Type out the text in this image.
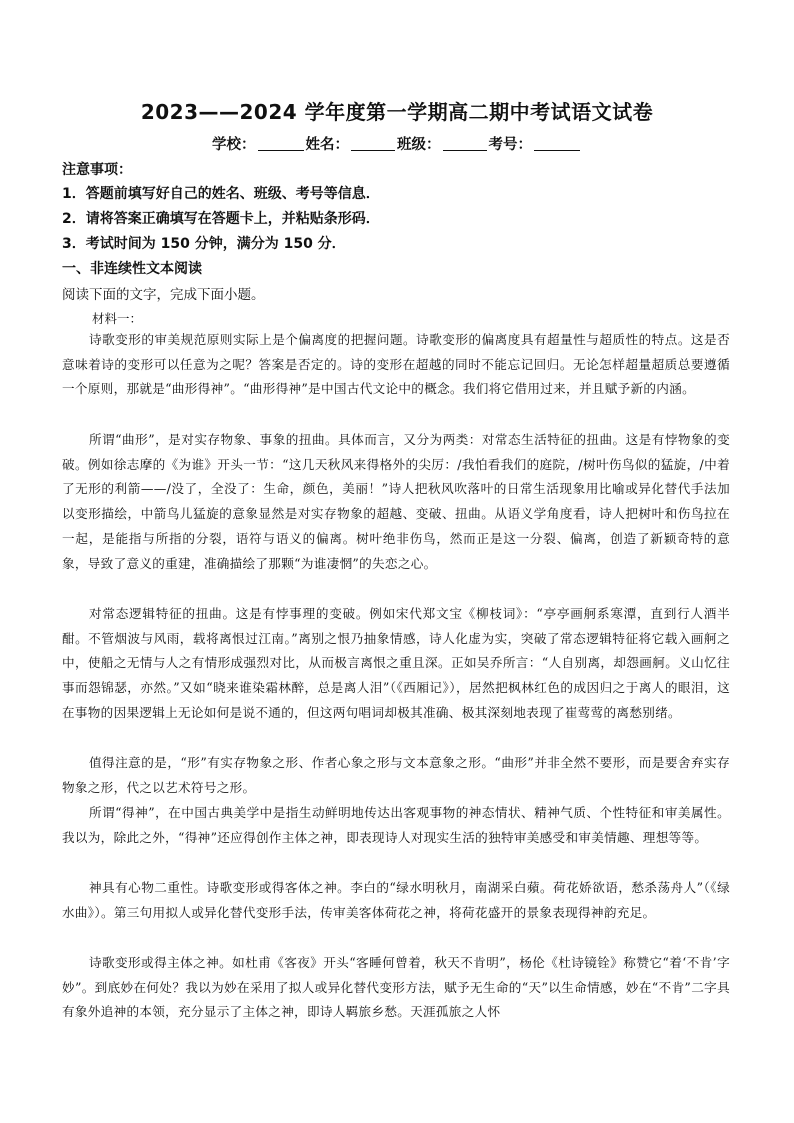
2023——2024 学年度第一学期高二期中考试语文试卷
学校：	姓名：	班级：	考号：
注意事项：
1．答题前填写好自己的姓名、班级、考号等信息．
2．请将答案正确填写在答题卡上，并粘贴条形码．
3．考试时间为 150 分钟，满分为 150 分．
一、非连续性文本阅读
阅读下面的文字，完成下面小题。
材料一：
诗歌变形的审美规范原则实际上是个偏离度的把握问题。诗歌变形的偏离度具有超量性与超质性的特点。这是否意味着诗的变形可以任意为之呢？答案是否定的。诗的变形在超越的同时不能忘记回归。无论怎样超量超质总要遵循一个原则，那就是“曲形得神”。“曲形得神”是中国古代文论中的概念。我们将它借用过来，并且赋予新的内涵。
所谓“曲形”，是对实存物象、事象的扭曲。具体而言，又分为两类：对常态生活特征的扭曲。这是有悖物象的变破。例如徐志摩的《为谁》开头一节：“这几天秋风来得格外的尖厉：/我怕看我们的庭院，/树叶伤鸟似的猛旋，/中着了无形的利箭——/没了，全没了：生命，颜色，美丽！”诗人把秋风吹落叶的日常生活现象用比喻或异化替代手法加以变形描绘，中箭鸟儿猛旋的意象显然是对实存物象的超越、变破、扭曲。从语义学角度看，诗人把树叶和伤鸟拉在一起，是能指与所指的分裂，语符与语义的偏离。树叶绝非伤鸟，然而正是这一分裂、偏离，创造了新颖奇特的意象，导致了意义的重建，准确描绘了那颗“为谁凄惘”的失恋之心。
对常态逻辑特征的扭曲。这是有悖事理的变破。例如宋代郑文宝《柳枝词》：“亭亭画舸系寒潭，直到行人酒半酣。不管烟波与风雨，载将离恨过江南。”离别之恨乃抽象情感，诗人化虚为实，突破了常态逻辑特征将它载入画舸之中，使船之无情与人之有情形成强烈对比，从而极言离恨之重且深。正如吴乔所言：“人自别离，却怨画舸。义山忆往事而怨锦瑟，亦然。”又如“晓来谁染霜林醉，总是离人泪”（《西厢记》），居然把枫林红色的成因归之于离人的眼泪，这在事物的因果逻辑上无论如何是说不通的，但这两句唱词却极其准确、极其深刻地表现了崔莺莺的离愁别绪。
值得注意的是，“形”有实存物象之形、作者心象之形与文本意象之形。“曲形”并非全然不要形，而是要舍弃实存物象之形，代之以艺术符号之形。
所谓“得神”，在中国古典美学中是指生动鲜明地传达出客观事物的神态情状、精神气质、个性特征和审美属性。我以为，除此之外，“得神”还应得创作主体之神，即表现诗人对现实生活的独特审美感受和审美情趣、理想等等。
神具有心物二重性。诗歌变形或得客体之神。李白的“绿水明秋月，南湖采白蘋。荷花娇欲语，愁杀荡舟人”（《绿水曲》）。第三句用拟人或异化替代变形手法，传审美客体荷花之神，将荷花盛开的景象表现得神韵充足。
诗歌变形或得主体之神。如杜甫《客夜》开头“客睡何曾着，秋天不肯明”，杨伦《杜诗镜铨》称赞它“着‘不肯’字妙”。到底妙在何处？我以为妙在采用了拟人或异化替代变形方法，赋予无生命的“天”以生命情感，妙在“不肯”二字具有象外追神的本领，充分显示了主体之神，即诗人羁旅乡愁。天涯孤旅之人怀
